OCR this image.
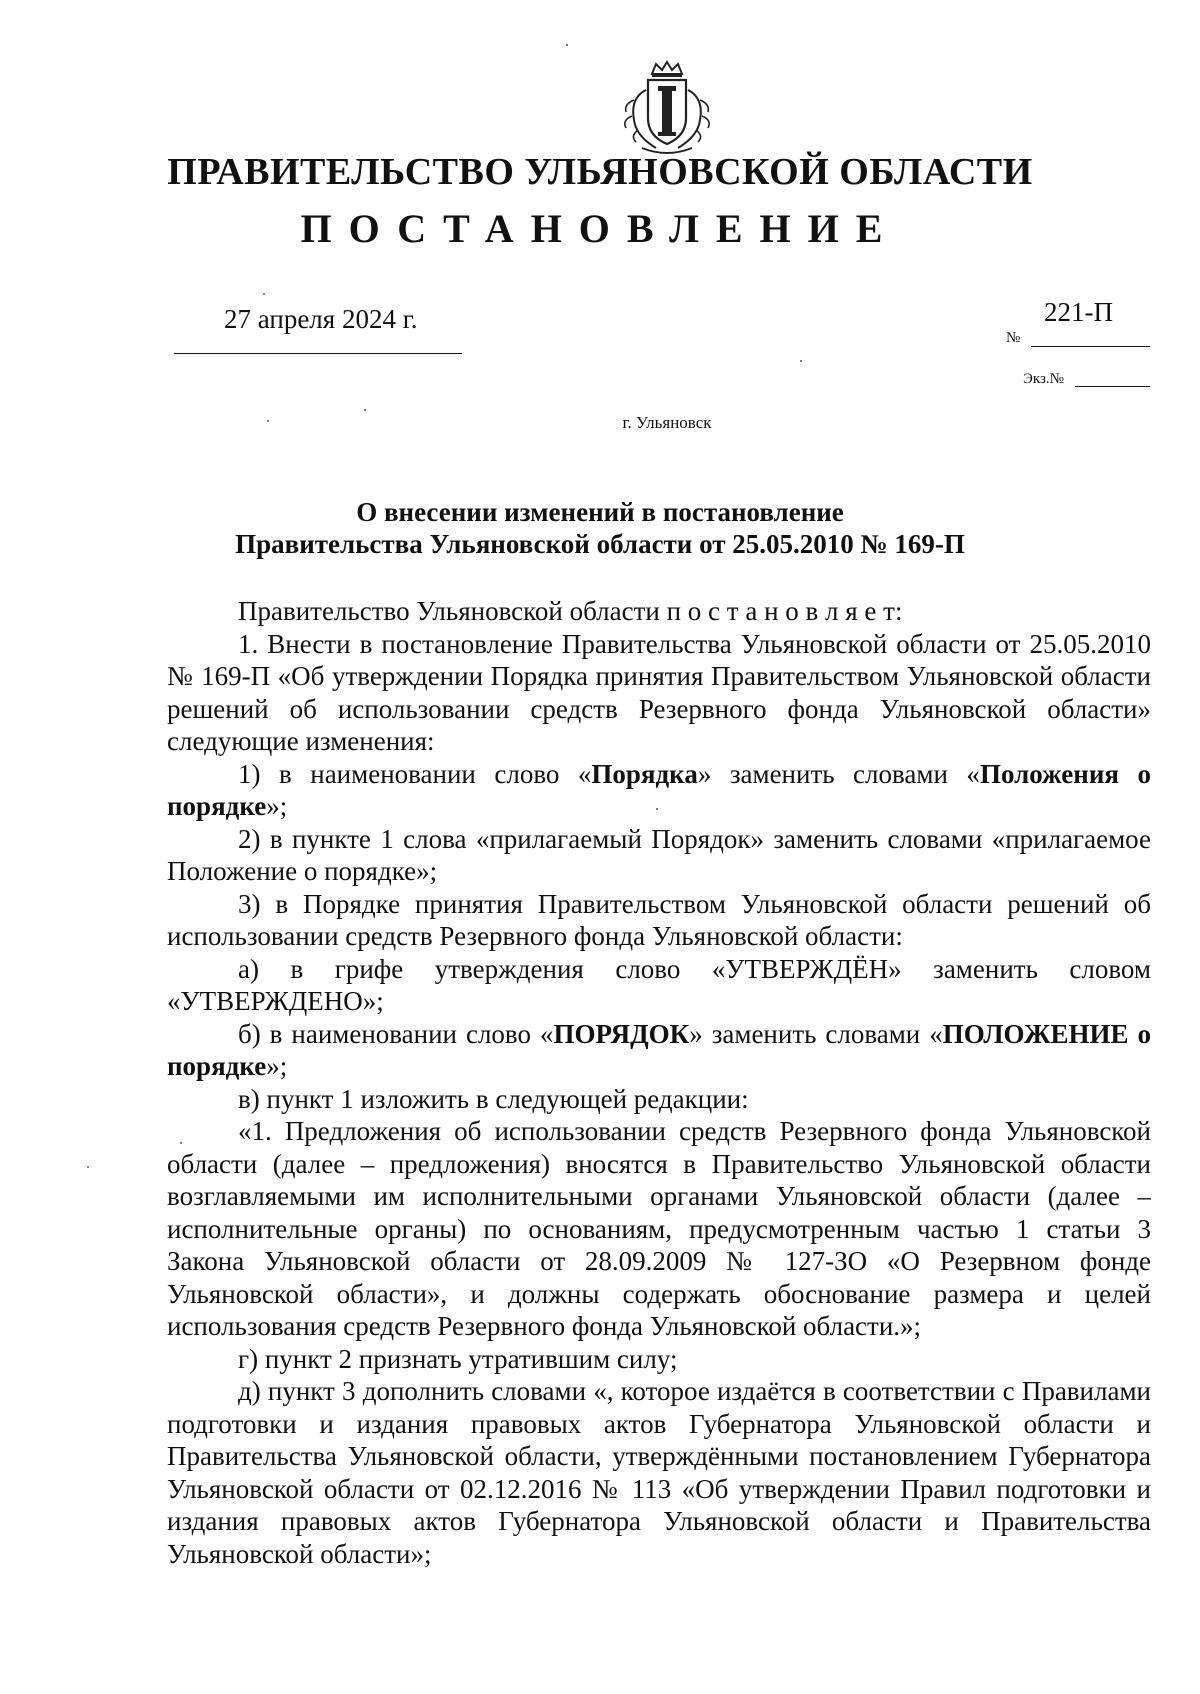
ПРАВИТЕЛЬСТВО УЛЬЯНОВСКОЙ ОБЛАСТИ
ПОСТАНОВЛЕНИЕ
27 апреля 2024 г.	221-П
№
Экз.№
г. Ульяновск
О внесении изменений в постановление
Правительства Ульяновской области от 25.05.2010 № 169-П

Правительство Ульяновской области п о с т а н о в л я е т:

1. Внести в постановление Правительства Ульяновской области от 25.05.2010 № 169-П «Об утверждении Порядка принятия Правительством Ульяновской области решений об использовании средств Резервного фонда Ульяновской области» следующие изменения:

1) в наименовании слово «Порядка» заменить словами «Положения о порядке»;

2) в пункте 1 слова «прилагаемый Порядок» заменить словами «прилагаемое Положение о порядке»;

3) в Порядке принятия Правительством Ульяновской области решений об использовании средств Резервного фонда Ульяновской области:

а) в грифе утверждения слово «УТВЕРЖДЁН» заменить словом «УТВЕРЖДЕНО»;

б) в наименовании слово «ПОРЯДОК» заменить словами «ПОЛОЖЕНИЕ о порядке»;

в) пункт 1 изложить в следующей редакции:

«1. Предложения об использовании средств Резервного фонда Ульяновской области (далее – предложения) вносятся в Правительство Ульяновской области возглавляемыми им исполнительными органами Ульяновской области (далее – исполнительные органы) по основаниям, предусмотренным частью 1 статьи 3 Закона Ульяновской области от 28.09.2009 № 127-ЗО «О Резервном фонде Ульяновской области», и должны содержать обоснование размера и целей использования средств Резервного фонда Ульяновской области.»;

г) пункт 2 признать утратившим силу;

д) пункт 3 дополнить словами «, которое издаётся в соответствии с Правилами подготовки и издания правовых актов Губернатора Ульяновской области и Правительства Ульяновской области, утверждёнными постановлением Губернатора Ульяновской области от 02.12.2016 № 113 «Об утверждении Правил подготовки и издания правовых актов Губернатора Ульяновской области и Правительства Ульяновской области»;
